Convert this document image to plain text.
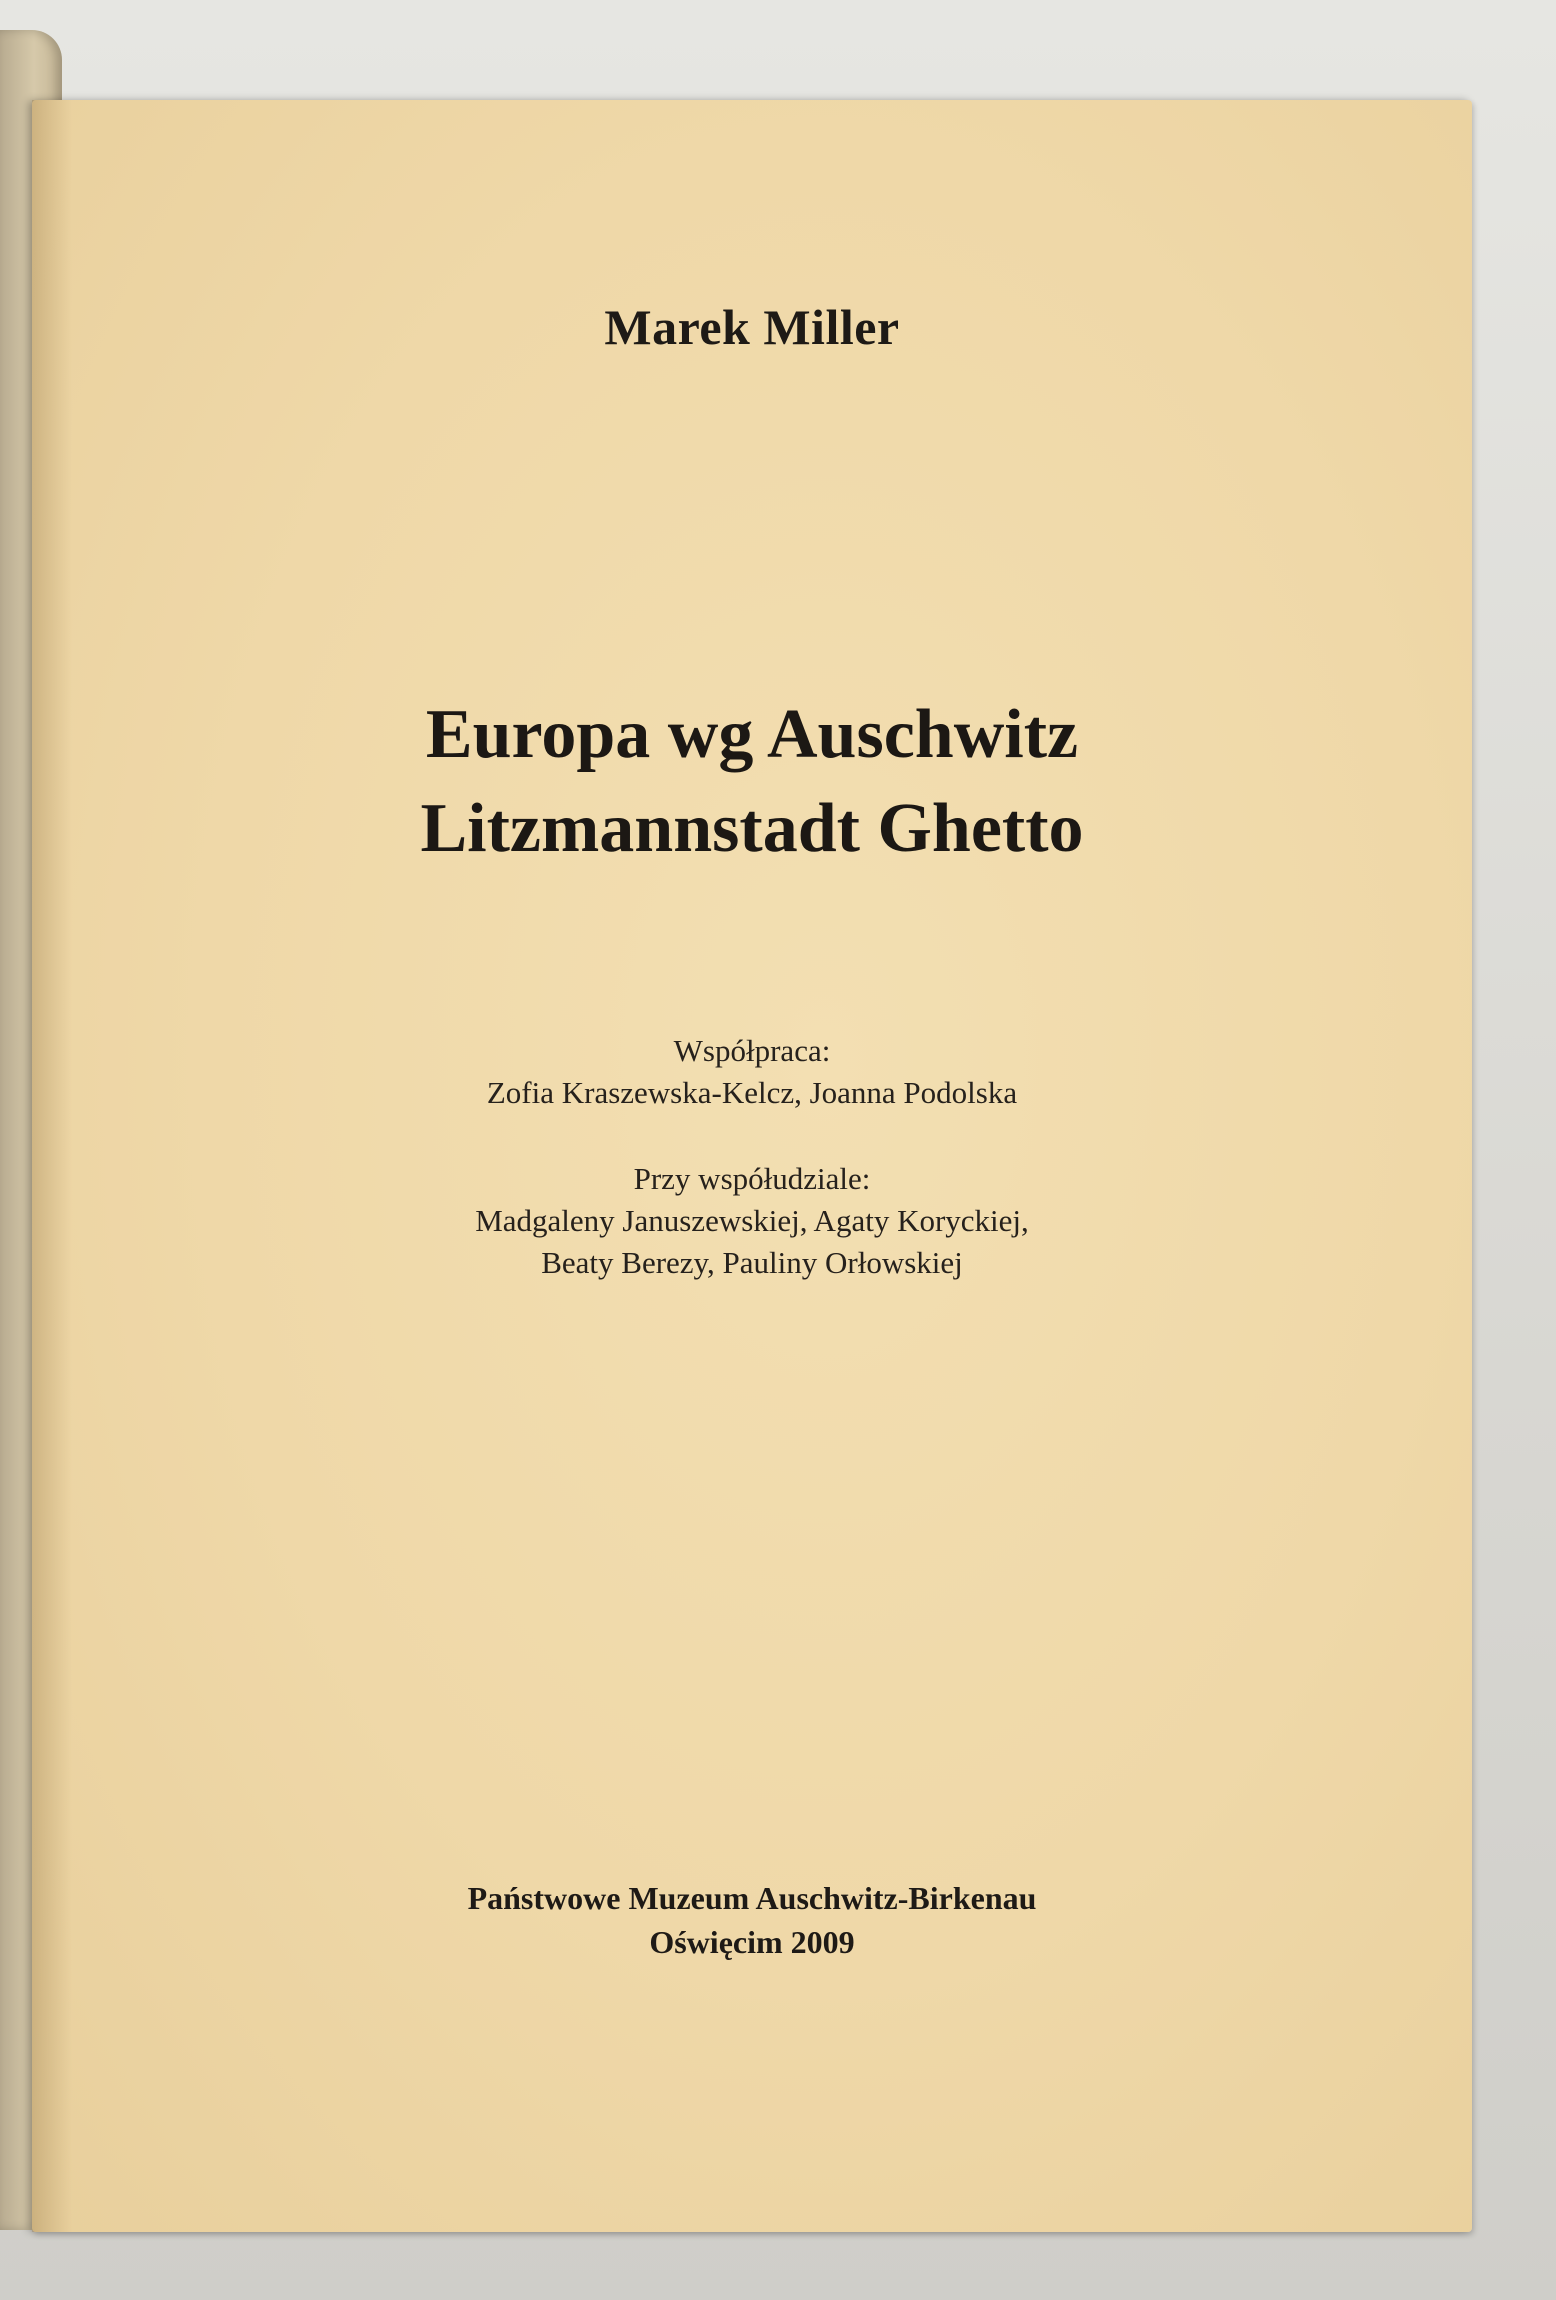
Marek Miller
Europa wg Auschwitz
Litzmannstadt Ghetto
Współpraca:
Zofia Kraszewska-Kelcz, Joanna Podolska
Przy współudziale:
Madgaleny Januszewskiej, Agaty Koryckiej,
Beaty Berezy, Pauliny Orłowskiej
Państwowe Muzeum Auschwitz-Birkenau
Oświęcim 2009
